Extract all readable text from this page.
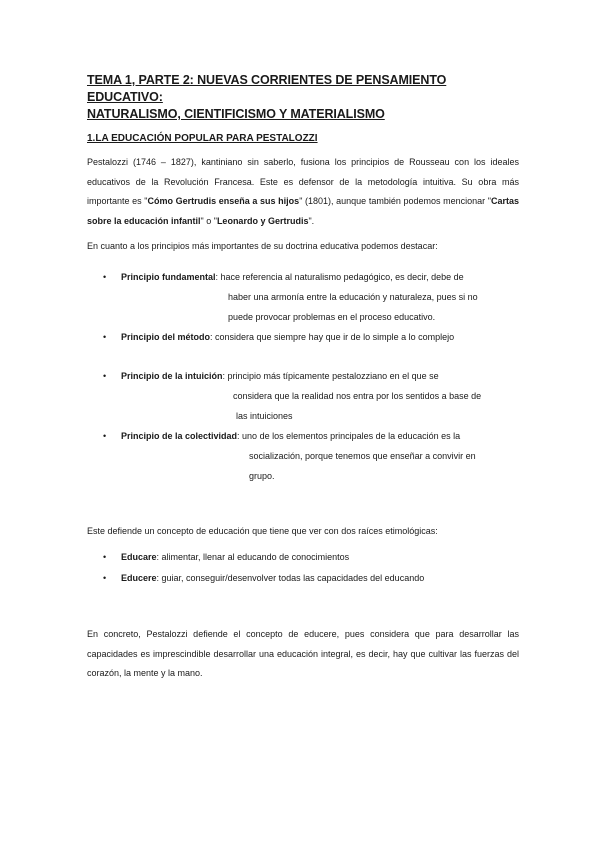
TEMA 1, PARTE 2: NUEVAS CORRIENTES DE PENSAMIENTO EDUCATIVO:
NATURALISMO, CIENTIFICISMO Y MATERIALISMO
1.LA EDUCACIÓN POPULAR PARA PESTALOZZI

Pestalozzi (1746 – 1827), kantiniano sin saberlo, fusiona los principios de Rousseau con los ideales educativos de la Revolución Francesa. Este es defensor de la metodología intuitiva. Su obra más importante es "Cómo Gertrudis enseña a sus hijos" (1801), aunque también podemos mencionar "Cartas sobre la educación infantil" o "Leonardo y Gertrudis".

En cuanto a los principios más importantes de su doctrina educativa podemos destacar:

• Principio fundamental: hace referencia al naturalismo pedagógico, es decir, debe de
haber una armonía entre la educación y naturaleza, pues si no
puede provocar problemas en el proceso educativo.
• Principio del método: considera que siempre hay que ir de lo simple a lo complejo
• Principio de la intuición: principio más típicamente pestalozziano en el que se
considera que la realidad nos entra por los sentidos a base de
las intuiciones
• Principio de la colectividad: uno de los elementos principales de la educación es la
socialización, porque tenemos que enseñar a convivir en
grupo.

Este defiende un concepto de educación que tiene que ver con dos raíces etimológicas:

• Educare: alimentar, llenar al educando de conocimientos
• Educere: guiar, conseguir/desenvolver todas las capacidades del educando

En concreto, Pestalozzi defiende el concepto de educere, pues considera que para desarrollar las capacidades es imprescindible desarrollar una educación integral, es decir, hay que cultivar las fuerzas del corazón, la mente y la mano.
